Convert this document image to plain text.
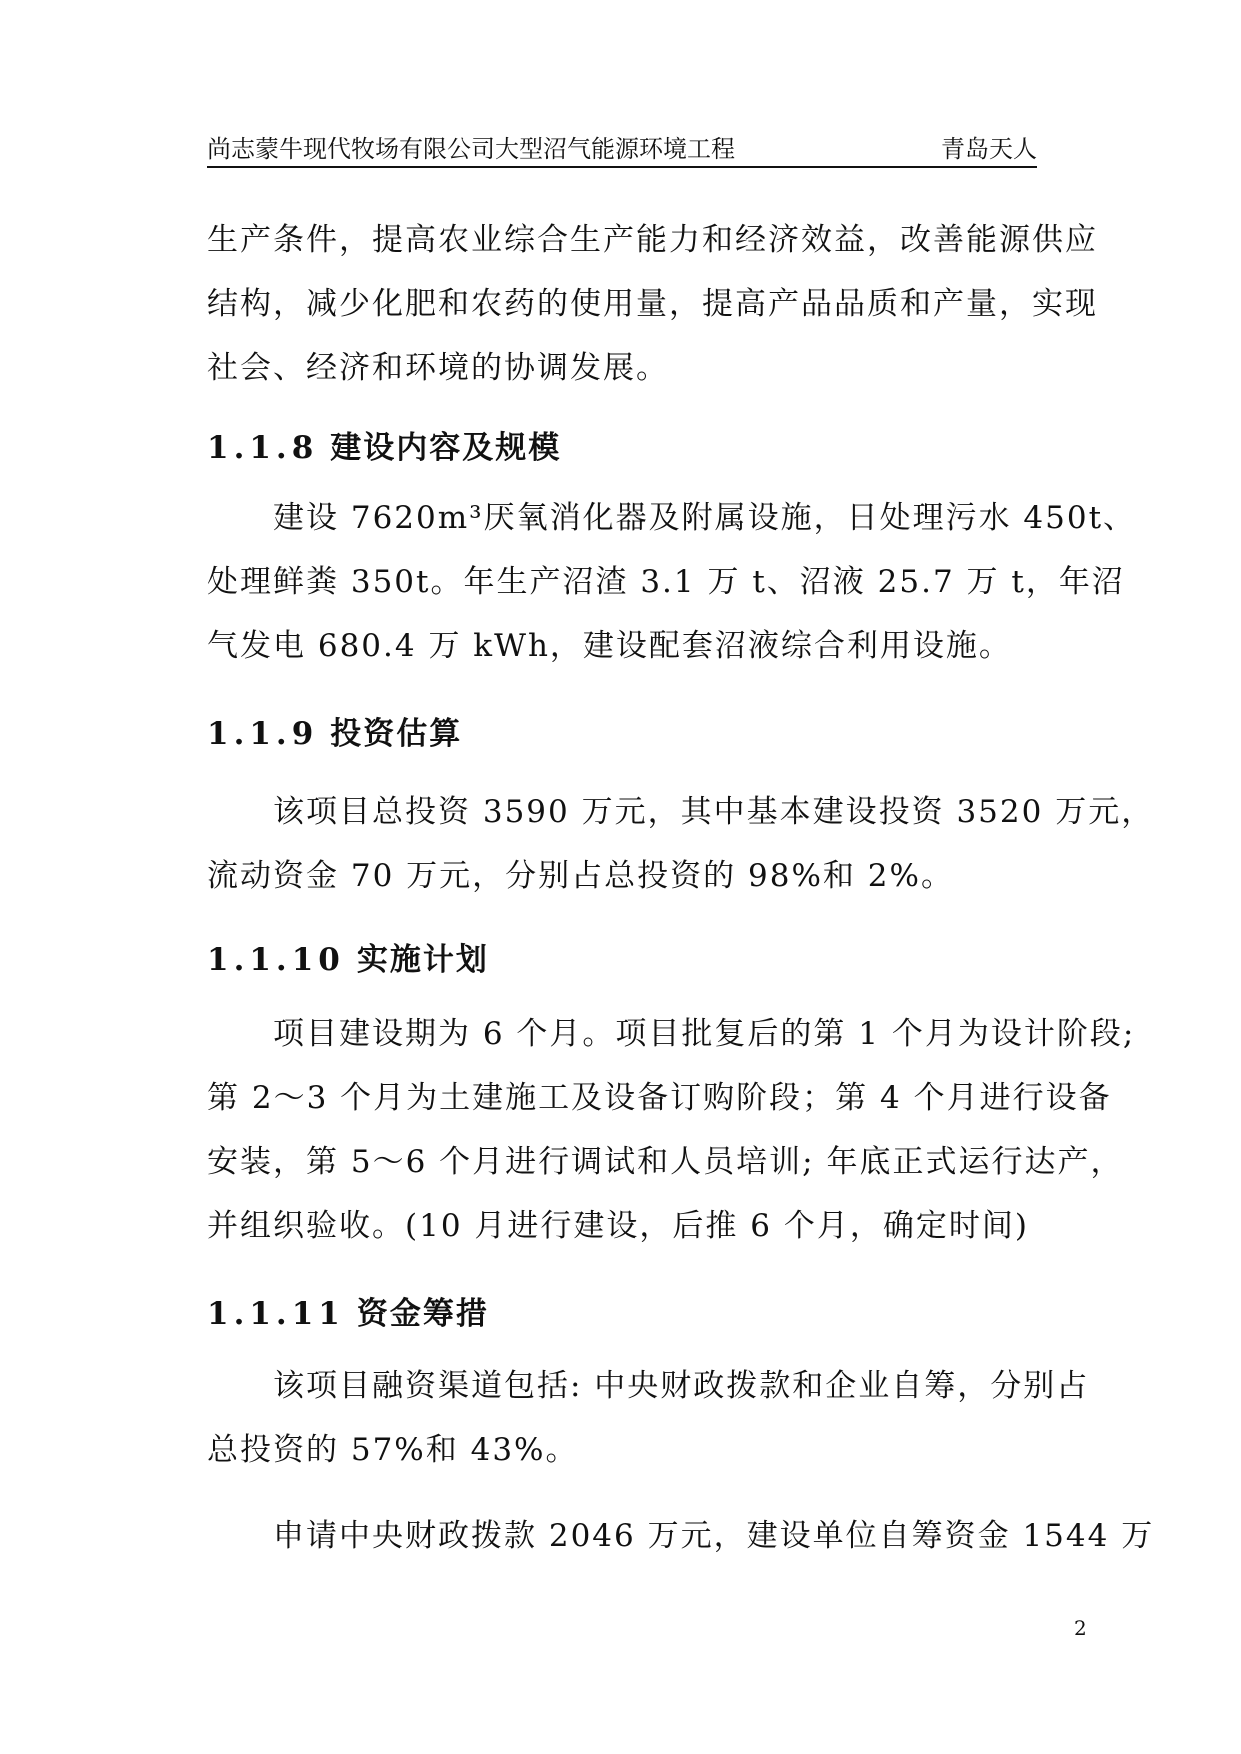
尚志蒙牛现代牧场有限公司大型沼气能源环境工程	青岛天人
生产条件，提高农业综合生产能力和经济效益，改善能源供应
结构，减少化肥和农药的使用量，提高产品品质和产量，实现
社会、经济和环境的协调发展。
1.1.8 建设内容及规模
建设 7620m³厌氧消化器及附属设施，日处理污水 450t、
处理鲜粪 350t。年生产沼渣 3.1 万 t、沼液 25.7 万 t，年沼
气发电 680.4 万 kWh，建设配套沼液综合利用设施。
1.1.9 投资估算
该项目总投资 3590 万元，其中基本建设投资 3520 万元，
流动资金 70 万元，分别占总投资的 98%和 2%。
1.1.10 实施计划
项目建设期为 6 个月。项目批复后的第 1 个月为设计阶段;
第 2～3 个月为土建施工及设备订购阶段；第 4 个月进行设备
安装，第 5～6 个月进行调试和人员培训; 年底正式运行达产，
并组织验收。(10 月进行建设，后推 6 个月，确定时间)
1.1.11 资金筹措
该项目融资渠道包括: 中央财政拨款和企业自筹，分别占
总投资的 57%和 43%。
申请中央财政拨款 2046 万元，建设单位自筹资金 1544 万
2
